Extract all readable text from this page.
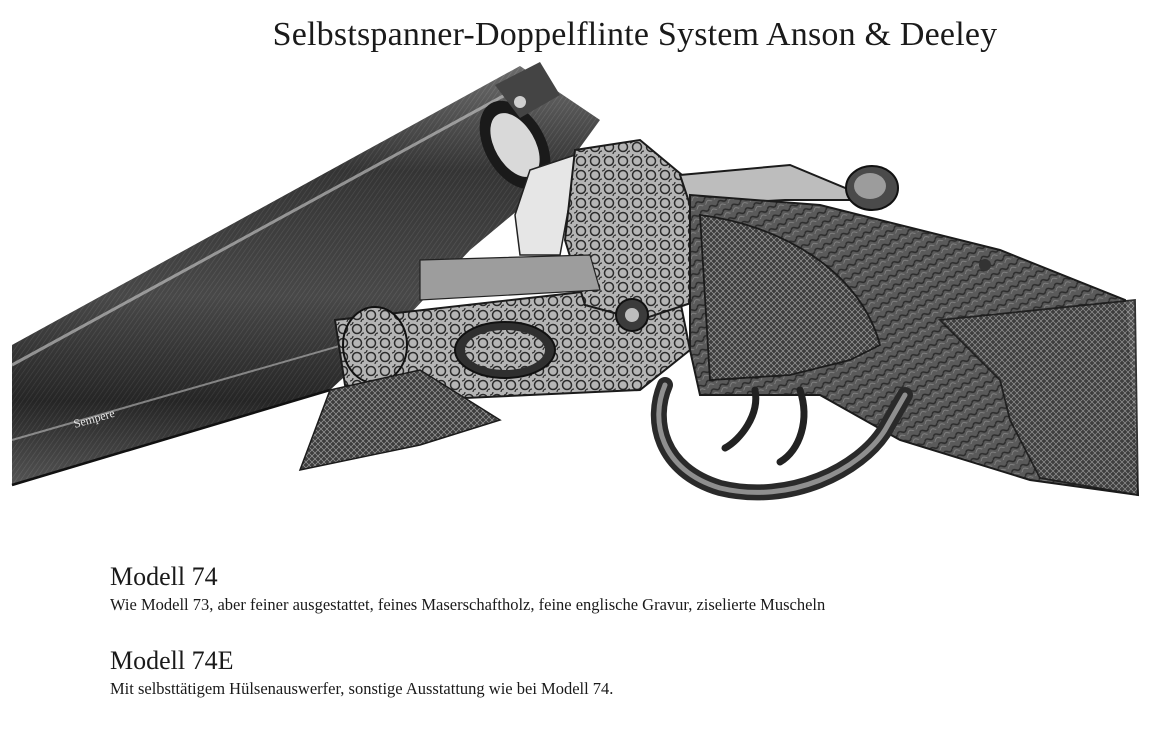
Selbstspanner-Doppelflinte System Anson & Deeley
Sempere
Modell 74
Wie Modell 73, aber feiner ausgestattet, feines Maserschaftholz, feine englische Gravur, ziselierte Muscheln
Modell 74E
Mit selbsttätigem Hülsenauswerfer, sonstige Ausstattung wie bei Modell 74.
